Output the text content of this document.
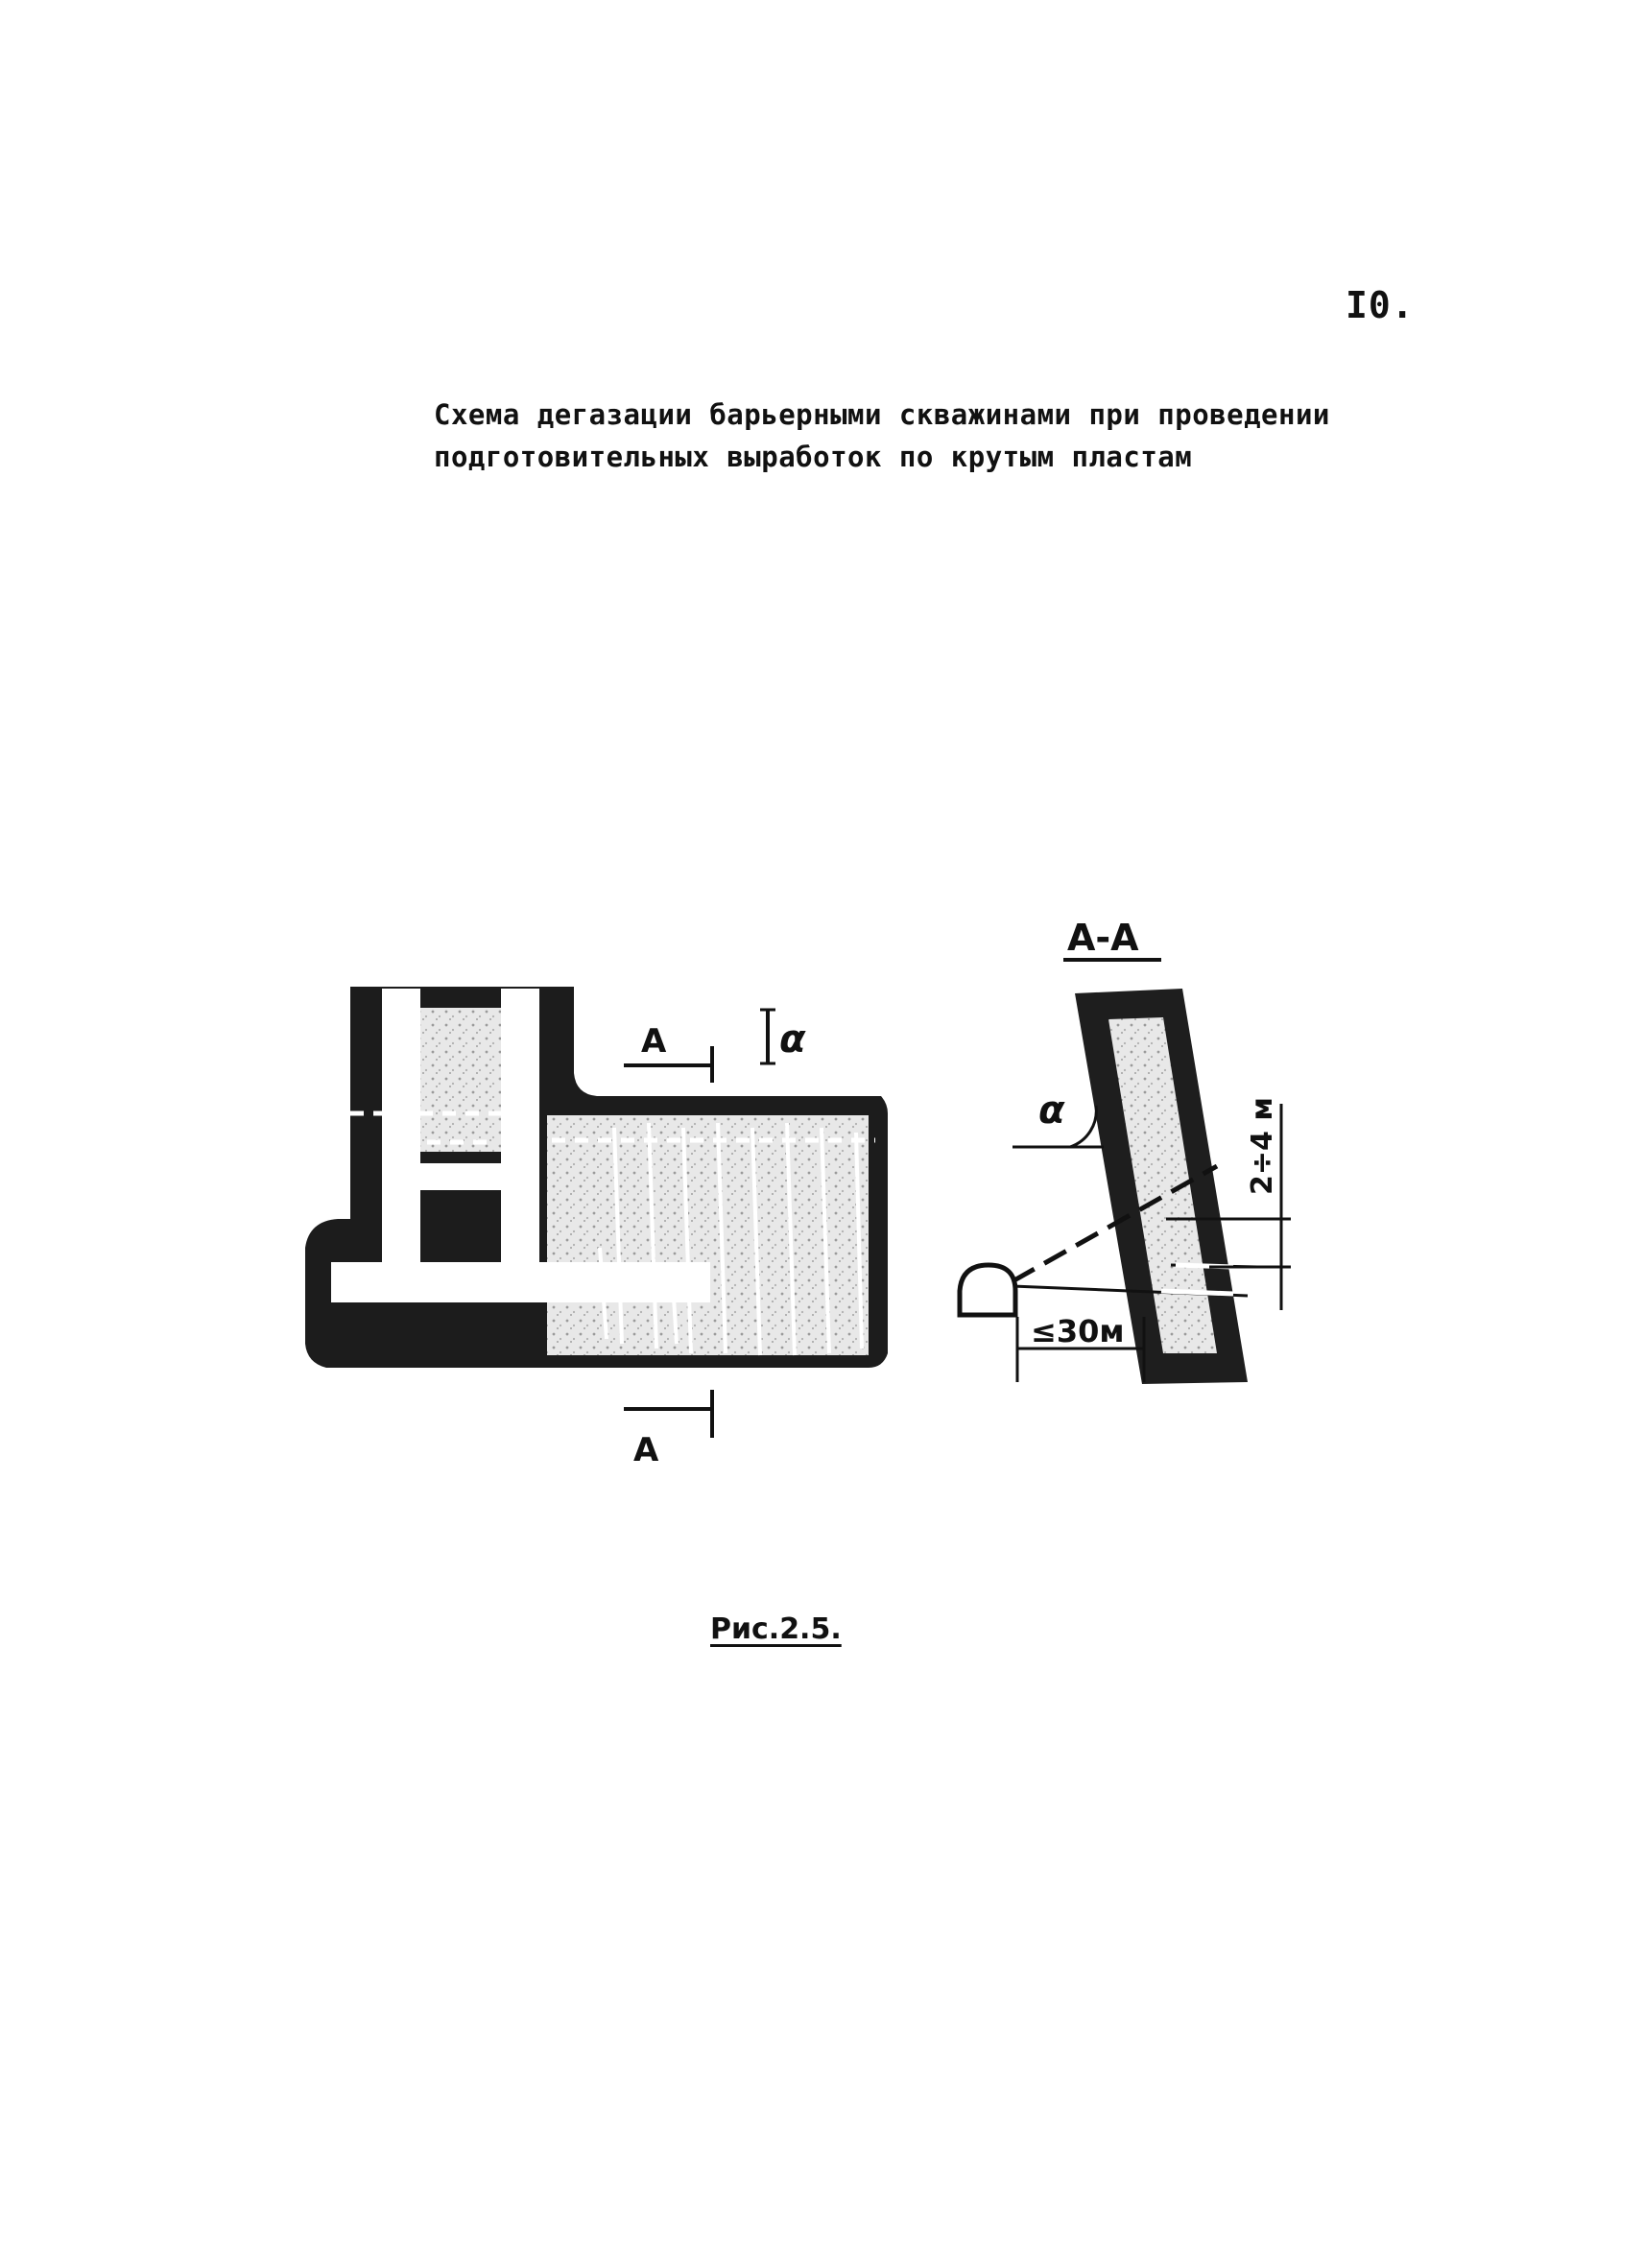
I0.
Схема дегазации барьерными скважинами при проведении
подготовительных выработок по крутым пластам
А
А
α
А-А
α
≤30м
2÷4 м
Рис.2.5.
